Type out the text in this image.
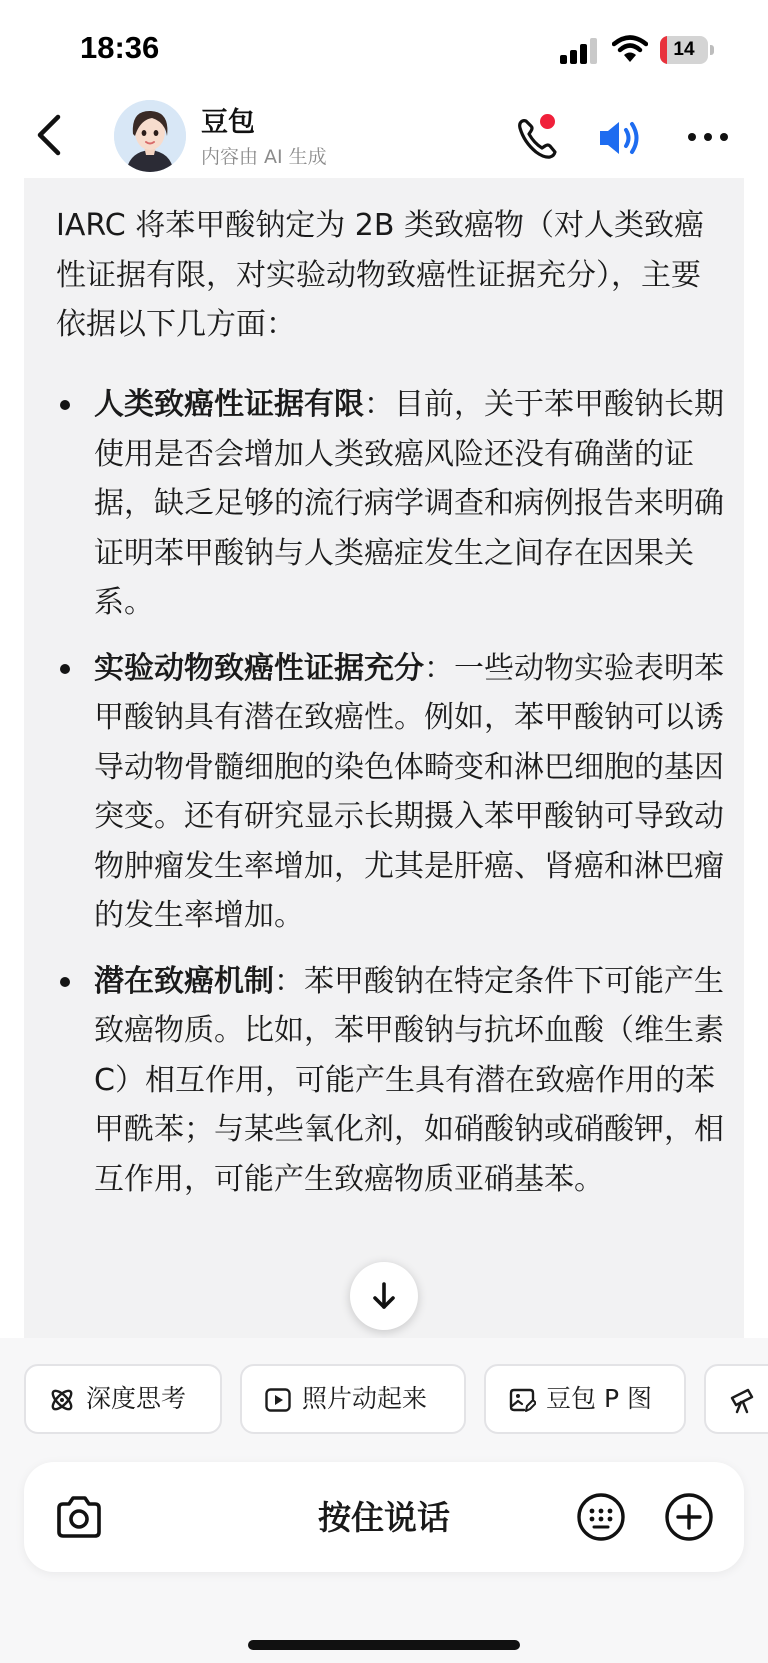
18:36	14
豆包
内容由 AI 生成

IARC 将苯甲酸钠定为 2B 类致癌物（对人类致癌性证据有限，对实验动物致癌性证据充分），主要依据以下几方面：

人类致癌性证据有限：目前，关于苯甲酸钠长期使用是否会增加人类致癌风险还没有确凿的证据，缺乏足够的流行病学调查和病例报告来明确证明苯甲酸钠与人类癌症发生之间存在因果关系。
实验动物致癌性证据充分：一些动物实验表明苯甲酸钠具有潜在致癌性。例如，苯甲酸钠可以诱导动物骨髓细胞的染色体畸变和淋巴细胞的基因突变。还有研究显示长期摄入苯甲酸钠可导致动物肿瘤发生率增加，尤其是肝癌、肾癌和淋巴瘤的发生率增加。
潜在致癌机制：苯甲酸钠在特定条件下可能产生致癌物质。比如，苯甲酸钠与抗坏血酸（维生素C）相互作用，可能产生具有潜在致癌作用的苯甲酰苯；与某些氧化剂，如硝酸钠或硝酸钾，相互作用，可能产生致癌物质亚硝基苯。
深度思考	照片动起来	豆包 P 图
按住说话
